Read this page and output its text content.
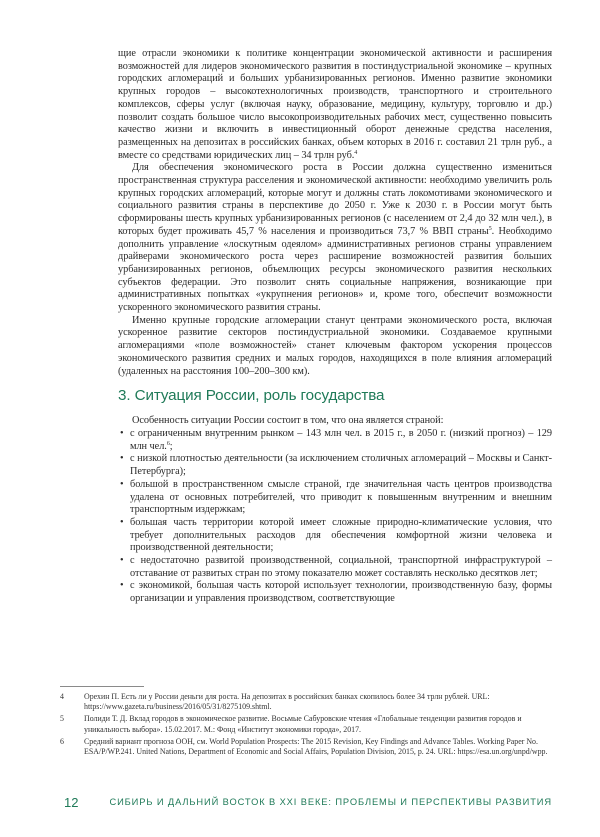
щие отрасли экономики к политике концентрации экономической активности и расширения возможностей для лидеров экономического развития в постиндустриальной экономике – крупных городских агломераций и больших урбанизированных регионов. Именно развитие экономики крупных городов – высокотехнологичных производств, транспортного и строительного комплексов, сферы услуг (включая науку, образование, медицину, культуру, торговлю и др.) позволит создать большое число высокопроизводительных рабочих мест, существенно повысить качество жизни и включить в инвестиционный оборот денежные средства населения, размещенных на депозитах в российских банках, объем которых в 2016 г. составил 21 трлн руб., а вместе со средствами юридических лиц – 34 трлн руб.$^4$

Для обеспечения экономического роста в России должна существенно измениться пространственная структура расселения и экономической активности: необходимо увеличить роль крупных городских агломераций, которые могут и должны стать локомотивами экономического и социального развития страны в перспективе до 2050 г. Уже к 2030 г. в России могут быть сформированы шесть крупных урбанизированных регионов (с населением от 2,4 до 32 млн чел.), в которых будет проживать 45,7 % населения и производиться 73,7 % ВВП страны$^5$. Необходимо дополнить управление «лоскутным одеялом» административных регионов страны управлением драйверами экономического роста через расширение возможностей развития больших урбанизированных регионов, объемлющих ресурсы экономического развития нескольких субъектов федерации. Это позволит снять социальные напряжения, возникающие при административных попытках «укрупнения регионов» и, кроме того, обеспечит возможности ускоренного экономического развития страны.

Именно крупные городские агломерации станут центрами экономического роста, включая ускоренное развитие секторов постиндустриальной экономики. Создаваемое крупными агломерациями «поле возможностей» станет ключевым фактором ускорения процессов экономического развития средних и малых городов, находящихся в поле влияния агломераций (удаленных на расстояния 100–200–300 км).

3. Ситуация России, роль государства

Особенность ситуации России состоит в том, что она является страной:

• с ограниченным внутренним рынком – 143 млн чел. в 2015 г., в 2050 г. (низкий прогноз) – 129 млн чел.$^6$;
• с низкой плотностью деятельности (за исключением столичных агломераций – Москвы и Санкт-Петербурга);
• большой в пространственном смысле страной, где значительная часть центров производства удалена от основных потребителей, что приводит к повышенным внутренним и внешним транспортным издержкам;
• большая часть территории которой имеет сложные природно-климатические условия, что требует дополнительных расходов для обеспечения комфортной жизни человека и производственной деятельности;
• с недостаточно развитой производственной, социальной, транспортной инфраструктурой – отставание от развитых стран по этому показателю может составлять несколько десятков лет;
• с экономикой, большая часть которой использует технологии, производственную базу, формы организации и управления производством, соответствующие
4	Орехин П. Есть ли у России деньги для роста. На депозитах в российских банках скопилось более 34 трлн рублей. URL: https://www.gazeta.ru/business/2016/05/31/8275109.shtml.
5	Полиди Т. Д. Вклад городов в экономическое развитие. Восьмые Сабуровские чтения «Глобальные тенденции развития городов и уникальность выбора». 15.02.2017. М.: Фонд «Институт экономики города», 2017.
6	Средний вариант прогноза ООН, см. World Population Prospects: The 2015 Revision, Key Findings and Advance Tables. Working Paper No. ESA/P/WP.241. United Nations, Department of Economic and Social Affairs, Population Division, 2015, p. 24. URL: https://esa.un.org/unpd/wpp.
12	СИБИРЬ И ДАЛЬНИЙ ВОСТОК В XXI ВЕКЕ: ПРОБЛЕМЫ И ПЕРСПЕКТИВЫ РАЗВИТИЯ
